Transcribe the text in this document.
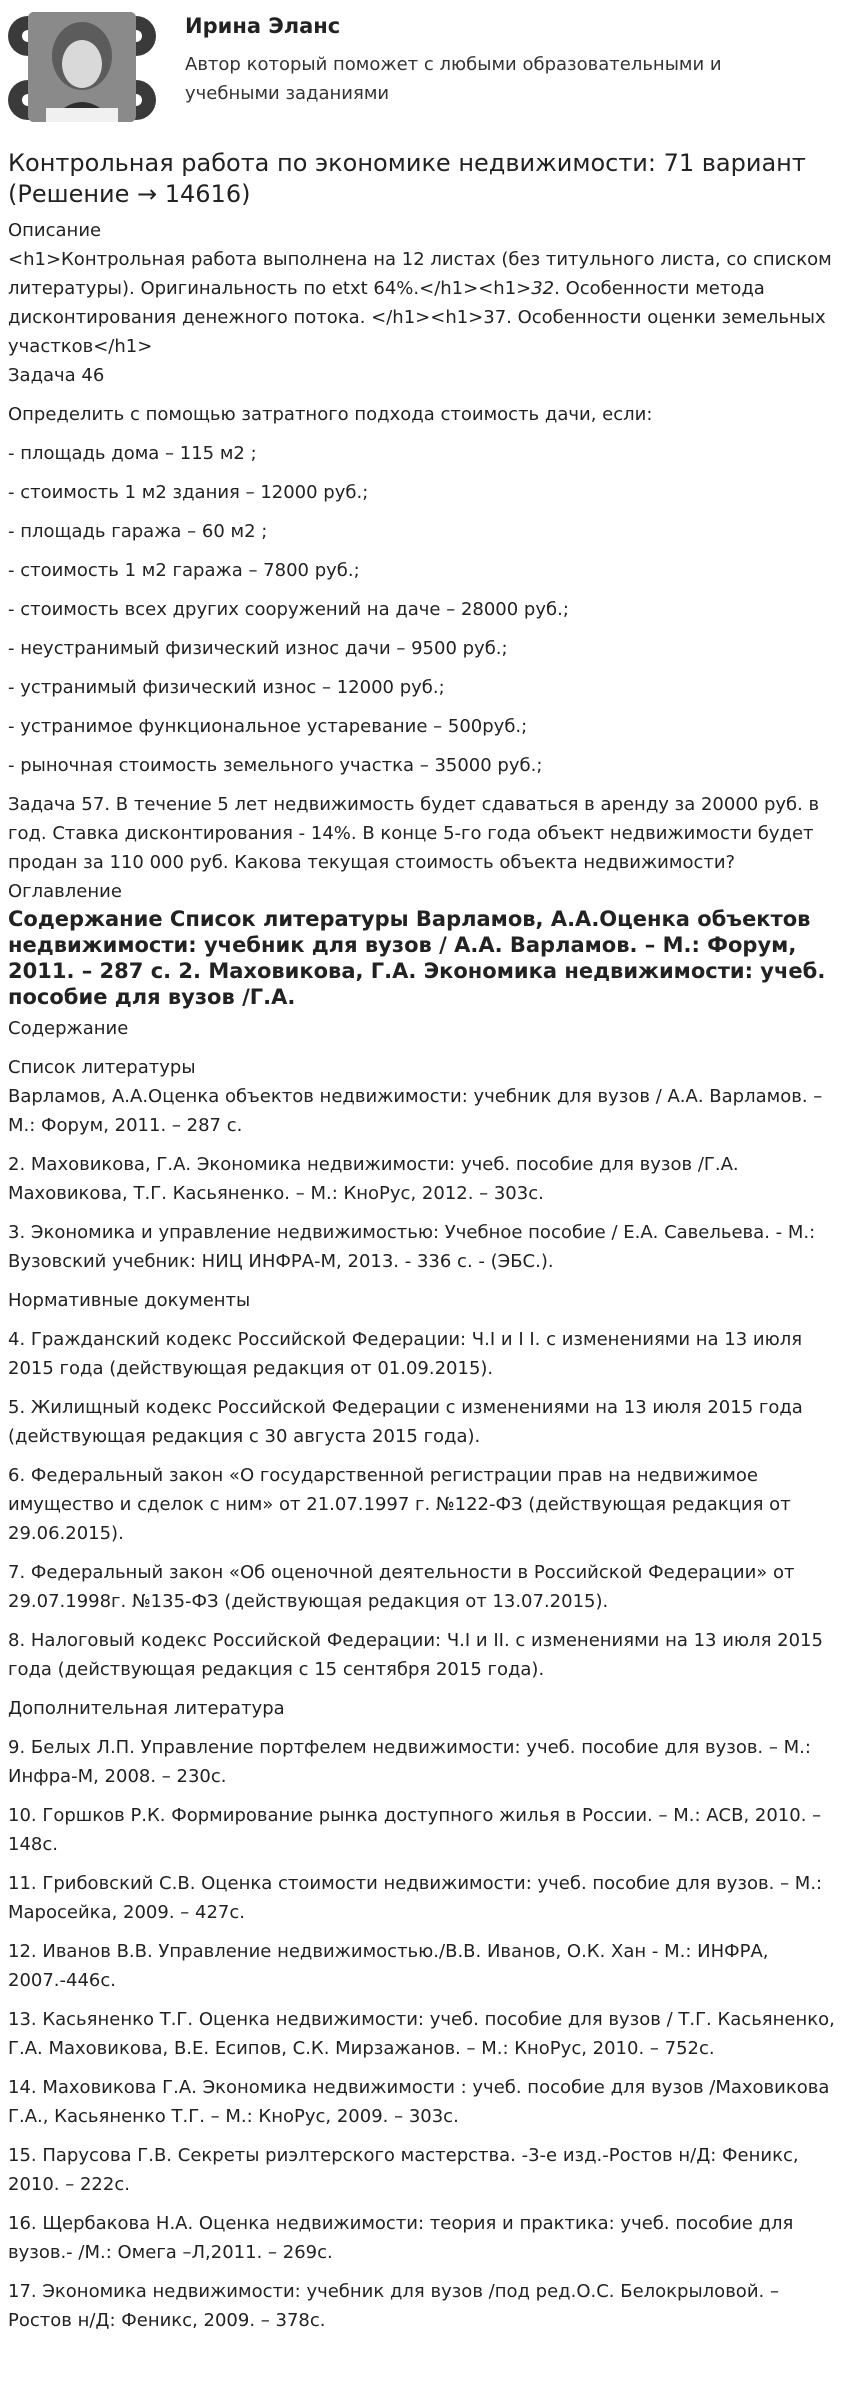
Ирина Эланс
Автор который поможет с любыми образовательными и учебными заданиями
Контрольная работа по экономике недвижимости: 71 вариант (Решение → 14616)
Описание
<h1>Контрольная работа выполнена на 12 листах (без титульного листа, со списком литературы). Оригинальность по etxt 64%.</h1><h1>32. Особенности метода дисконтирования денежного потока. </h1><h1>37. Особенности оценки земельных участков</h1>
Задача 46
Определить с помощью затратного подхода стоимость дачи, если:
- площадь дома – 115 м2 ;
- стоимость 1 м2 здания – 12000 руб.;
- площадь гаража – 60 м2 ;
- стоимость 1 м2 гаража – 7800 руб.;
- стоимость всех других сооружений на даче – 28000 руб.;
- неустранимый физический износ дачи – 9500 руб.;
- устранимый физический износ – 12000 руб.;
- устранимое функциональное устаревание – 500руб.;
- рыночная стоимость земельного участка – 35000 руб.;
Задача 57. В течение 5 лет недвижимость будет сдаваться в аренду за 20000 руб. в год. Ставка дисконтирования - 14%. В конце 5-го года объект недвижимости будет продан за 110 000 руб. Какова текущая стоимость объекта недвижимости?
Оглавление
Содержание Список литературы Варламов, А.А.Оценка объектов недвижимости: учебник для вузов / А.А. Варламов. – М.: Форум, 2011. – 287 с. 2. Маховикова, Г.А. Экономика недвижимости: учеб. пособие для вузов /Г.А.
Содержание
Список литературы
Варламов, А.А.Оценка объектов недвижимости: учебник для вузов / А.А. Варламов. – М.: Форум, 2011. – 287 с.
2. Маховикова, Г.А. Экономика недвижимости: учеб. пособие для вузов /Г.А. Маховикова, Т.Г. Касьяненко. – М.: КноРус, 2012. – 303с.
3. Экономика и управление недвижимостью: Учебное пособие / Е.А. Савельева. - М.: Вузовский учебник: НИЦ ИНФРА-М, 2013. - 336 с. - (ЭБС.).
Нормативные документы
4. Гражданский кодекс Российской Федерации: Ч.I и I I. с изменениями на 13 июля 2015 года (действующая редакция от 01.09.2015).
5. Жилищный кодекс Российской Федерации с изменениями на 13 июля 2015 года (действующая редакция с 30 августа 2015 года).
6. Федеральный закон «О государственной регистрации прав на недвижимое имущество и сделок с ним» от 21.07.1997 г. №122-ФЗ (действующая редакция от 29.06.2015).
7. Федеральный закон «Об оценочной деятельности в Российской Федерации» от 29.07.1998г. №135-ФЗ (действующая редакция от 13.07.2015).
8. Налоговый кодекс Российской Федерации: Ч.I и II. с изменениями на 13 июля 2015 года (действующая редакция с 15 сентября 2015 года).
Дополнительная литература
9. Белых Л.П. Управление портфелем недвижимости: учеб. пособие для вузов. – М.: Инфра-М, 2008. – 230с.
10. Горшков Р.К. Формирование рынка доступного жилья в России. – М.: АСВ, 2010. – 148с.
11. Грибовский С.В. Оценка стоимости недвижимости: учеб. пособие для вузов. – М.: Маросейка, 2009. – 427с.
12. Иванов В.В. Управление недвижимостью./В.В. Иванов, О.К. Хан - М.: ИНФРА, 2007.-446с.
13. Касьяненко Т.Г. Оценка недвижимости: учеб. пособие для вузов / Т.Г. Касьяненко, Г.А. Маховикова, В.Е. Есипов, С.К. Мирзажанов. – М.: КноРус, 2010. – 752с.
14. Маховикова Г.А. Экономика недвижимости : учеб. пособие для вузов /Маховикова Г.А., Касьяненко Т.Г. – М.: КноРус, 2009. – 303с.
15. Парусова Г.В. Секреты риэлтерского мастерства. -3-е изд.-Ростов н/Д: Феникс, 2010. – 222с.
16. Щербакова Н.А. Оценка недвижимости: теория и практика: учеб. пособие для вузов.- /М.: Омега –Л,2011. – 269с.
17. Экономика недвижимости: учебник для вузов /под ред.О.С. Белокрыловой. – Ростов н/Д: Феникс, 2009. – 378с.
